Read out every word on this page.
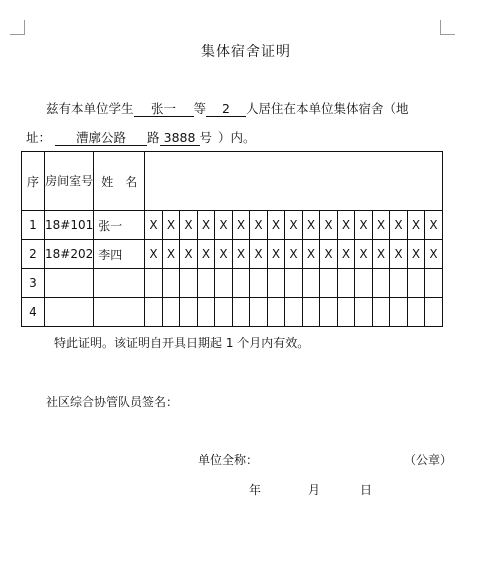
集体宿舍证明
兹有本单位学生 张一 等 2 人居住在本单位集体宿舍（地
址： 漕廓公路 路 3888 号 ）内。
序	房间室号	姓　名																	
1	18#101	张一	X	X	X	X	X	X	X	X	X	X	X	X	X	X	X	X	X
2	18#202	李四	X	X	X	X	X	X	X	X	X	X	X	X	X	X	X	X	X
3																			
4																			
特此证明。该证明自开具日期起 1 个月内有效。
社区综合协管队员签名：
单位全称：	（公章）
年	月	日
